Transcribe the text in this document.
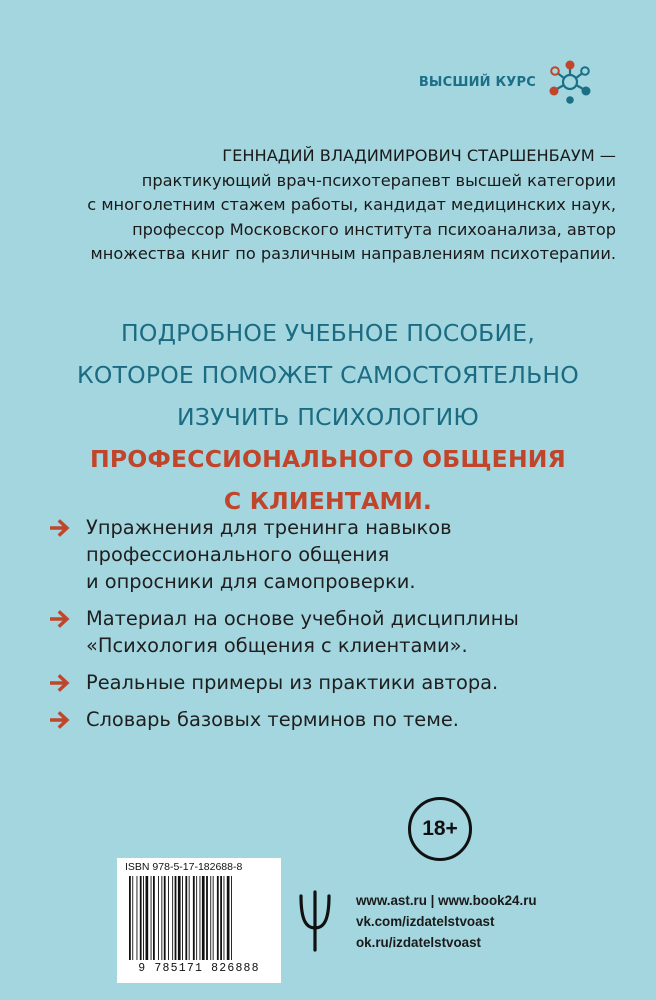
ВЫСШИЙ КУРС
ГЕННАДИЙ ВЛАДИМИРОВИЧ СТАРШЕНБАУМ —
практикующий врач-психотерапевт высшей категории
с многолетним стажем работы, кандидат медицинских наук,
профессор Московского института психоанализа, автор
множества книг по различным направлениям психотерапии.
ПОДРОБНОЕ УЧЕБНОЕ ПОСОБИЕ,
КОТОРОЕ ПОМОЖЕТ САМОСТОЯТЕЛЬНО
ИЗУЧИТЬ ПСИХОЛОГИЮ
ПРОФЕССИОНАЛЬНОГО ОБЩЕНИЯ
С КЛИЕНТАМИ.
Упражнения для тренинга навыков
профессионального общения
и опросники для самопроверки.
Материал на основе учебной дисциплины
«Психология общения с клиентами».
Реальные примеры из практики автора.
Словарь базовых терминов по теме.
18+
ISBN 978-5-17-182688-8
9 785171 826888
www.ast.ru | www.book24.ru
vk.com/izdatelstvoast
ok.ru/izdatelstvoast
